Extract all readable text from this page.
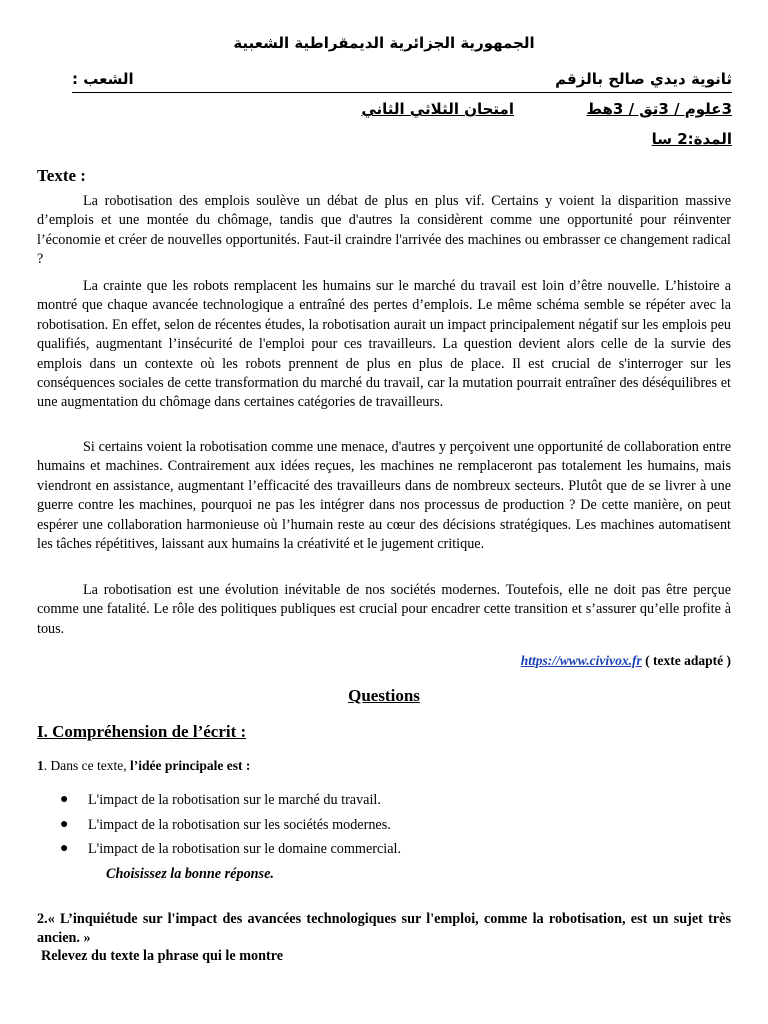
الجمهورية الجزائرية الديمقراطية الشعبية
ثانوية ديدي صالح بالزقم
الشعب :
3علوم / 3تق / 3هط
امتحان الثلاثي الثاني
المدة:2 سا
Texte :

La robotisation des emplois soulève un débat de plus en plus vif. Certains y voient la disparition massive d’emplois et une montée du chômage, tandis que d'autres la considèrent comme une opportunité pour réinventer l’économie et créer de nouvelles opportunités. Faut-il craindre l'arrivée des machines ou embrasser ce changement radical ?

La crainte que les robots remplacent les humains sur le marché du travail est loin d’être nouvelle. L’histoire a montré que chaque avancée technologique a entraîné des pertes d’emplois. Le même schéma semble se répéter avec la robotisation. En effet, selon de récentes études, la robotisation aurait un impact principalement négatif sur les emplois peu qualifiés, augmentant l’insécurité de l'emploi pour ces travailleurs. La question devient alors celle de la survie des emplois dans un contexte où les robots prennent de plus en plus de place. Il est crucial de s'interroger sur les conséquences sociales de cette transformation du marché du travail, car la mutation pourrait entraîner des déséquilibres et une augmentation du chômage dans certaines catégories de travailleurs.

Si certains voient la robotisation comme une menace, d'autres y perçoivent une opportunité de collaboration entre humains et machines. Contrairement aux idées reçues, les machines ne remplaceront pas totalement les humains, mais viendront en assistance, augmentant l’efficacité des travailleurs dans de nombreux secteurs. Plutôt que de se livrer à une guerre contre les machines, pourquoi ne pas les intégrer dans nos processus de production ? De cette manière, on peut espérer une collaboration harmonieuse où l’humain reste au cœur des décisions stratégiques. Les machines automatisent les tâches répétitives, laissant aux humains la créativité et le jugement critique.

La robotisation est une évolution inévitable de nos sociétés modernes. Toutefois, elle ne doit pas être perçue comme une fatalité. Le rôle des politiques publiques est crucial pour encadrer cette transition et s’assurer qu’elle profite à tous.

https://www.civivox.fr ( texte adapté )
Questions
I. Compréhension de l’écrit :
1. Dans ce texte, l’idée principale est :
● L'impact de la robotisation sur le marché du travail.
● L'impact de la robotisation sur les sociétés modernes.
● L'impact de la robotisation sur le domaine commercial.
Choisissez la bonne réponse.

2.« L’inquiétude sur l'impact des avancées technologiques sur l'emploi, comme la robotisation, est un sujet très ancien. »

Relevez du texte la phrase qui le montre
